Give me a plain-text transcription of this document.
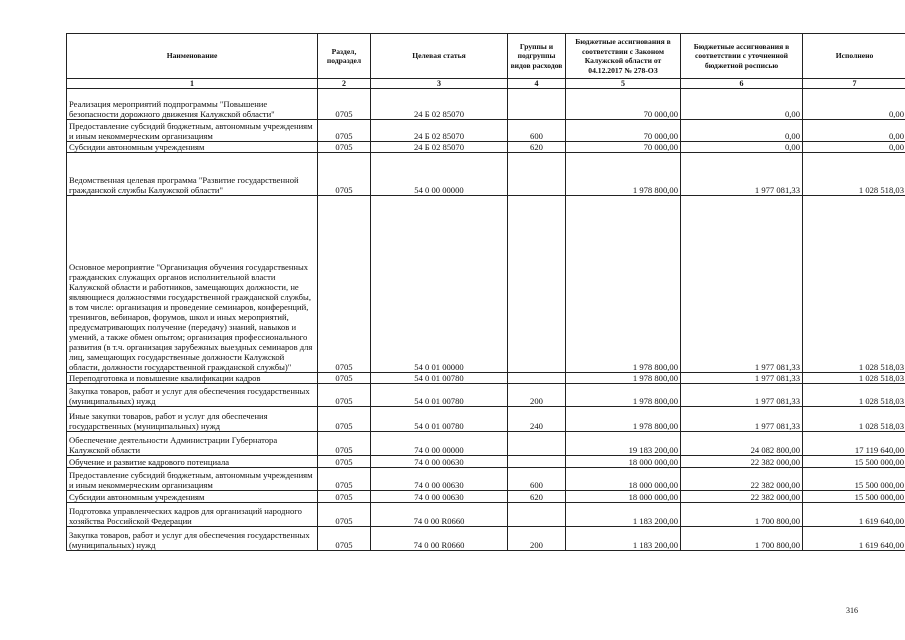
Наименование	Раздел, подраздел	Целевая статья	Группы и подгруппы видов расходов	Бюджетные ассигнования в соответствии с Законом Калужской области от 04.12.2017 № 278-ОЗ	Бюджетные ассигнования в соответствии с уточненной бюджетной росписью	Исполнено
1	2	3	4	5	6	7
Реализация мероприятий подпрограммы "Повышение безопасности дорожного движения Калужской области"	0705	24 Б 02 85070		70 000,00	0,00	0,00
Предоставление субсидий бюджетным, автономным учреждениям и иным некоммерческим организациям	0705	24 Б 02 85070	600	70 000,00	0,00	0,00
Субсидии автономным учреждениям	0705	24 Б 02 85070	620	70 000,00	0,00	0,00
Ведомственная целевая программа "Развитие государственной гражданской службы Калужской области"	0705	54 0 00 00000		1 978 800,00	1 977 081,33	1 028 518,03
Основное мероприятие "Организация обучения государственных гражданских служащих органов исполнительной власти Калужской области и работников, замещающих должности, не являющиеся должностями государственной гражданской службы, в том числе: организация и проведение семинаров, конференций, тренингов, вебинаров, форумов, школ и иных мероприятий, предусматривающих получение (передачу) знаний, навыков и умений, а также обмен опытом; организация профессионального развития (в т.ч. организация зарубежных выездных семинаров для лиц, замещающих государственные должности Калужской области, должности государственной гражданской службы)"	0705	54 0 01 00000		1 978 800,00	1 977 081,33	1 028 518,03
Переподготовка и повышение квалификации кадров	0705	54 0 01 00780		1 978 800,00	1 977 081,33	1 028 518,03
Закупка товаров, работ и услуг для обеспечения государственных (муниципальных) нужд	0705	54 0 01 00780	200	1 978 800,00	1 977 081,33	1 028 518,03
Иные закупки товаров, работ и услуг для обеспечения государственных (муниципальных) нужд	0705	54 0 01 00780	240	1 978 800,00	1 977 081,33	1 028 518,03
Обеспечение деятельности Администрации Губернатора Калужской области	0705	74 0 00 00000		19 183 200,00	24 082 800,00	17 119 640,00
Обучение и развитие кадрового потенциала	0705	74 0 00 00630		18 000 000,00	22 382 000,00	15 500 000,00
Предоставление субсидий бюджетным, автономным учреждениям и иным некоммерческим организациям	0705	74 0 00 00630	600	18 000 000,00	22 382 000,00	15 500 000,00
Субсидии автономным учреждениям	0705	74 0 00 00630	620	18 000 000,00	22 382 000,00	15 500 000,00
Подготовка управленческих кадров для организаций народного хозяйства Российской Федерации	0705	74 0 00 R0660		1 183 200,00	1 700 800,00	1 619 640,00
Закупка товаров, работ и услуг для обеспечения государственных (муниципальных) нужд	0705	74 0 00 R0660	200	1 183 200,00	1 700 800,00	1 619 640,00
316
